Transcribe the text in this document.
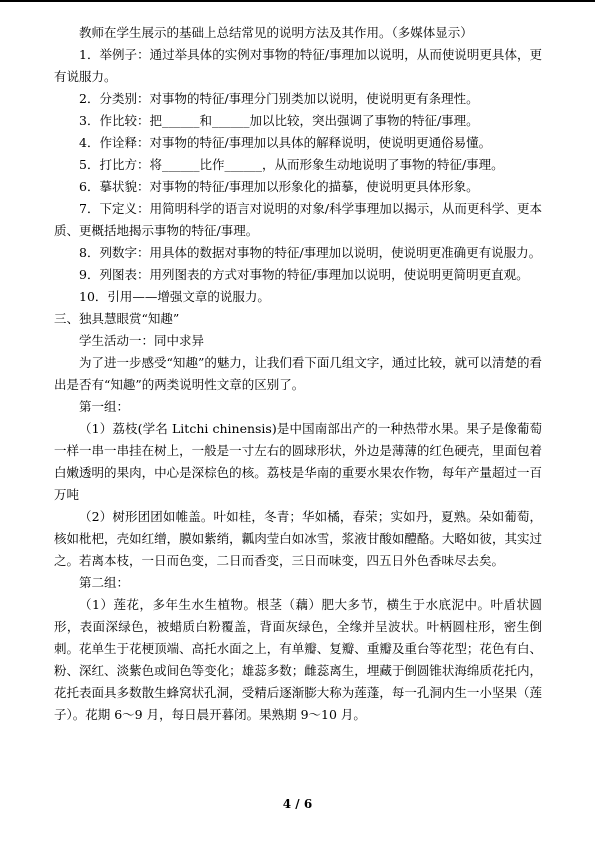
教师在学生展示的基础上总结常见的说明方法及其作用。（多媒体显示）

1．举例子：通过举具体的实例对事物的特征/事理加以说明，从而使说明更具体，更有说服力。

2．分类别：对事物的特征/事理分门别类加以说明，使说明更有条理性。

3．作比较：把______和______加以比较，突出强调了事物的特征/事理。

4．作诠释：对事物的特征/事理加以具体的解释说明，使说明更通俗易懂。

5．打比方：将______比作______，从而形象生动地说明了事物的特征/事理。

6．摹状貌：对事物的特征/事理加以形象化的描摹，使说明更具体形象。

7．下定义：用简明科学的语言对说明的对象/科学事理加以揭示，从而更科学、更本质、更概括地揭示事物的特征/事理。

8．列数字：用具体的数据对事物的特征/事理加以说明，使说明更准确更有说服力。

9．列图表：用列图表的方式对事物的特征/事理加以说明，使说明更简明更直观。

10．引用——增强文章的说服力。

三、独具慧眼赏“知趣”

学生活动一：同中求异

为了进一步感受“知趣”的魅力，让我们看下面几组文字，通过比较，就可以清楚的看出是否有“知趣”的两类说明性文章的区别了。

第一组：

（1）荔枝(学名 Litchi chinensis)是中国南部出产的一种热带水果。果子是像葡萄一样一串一串挂在树上，一般是一寸左右的圆球形状，外边是薄薄的红色硬壳，里面包着白嫩透明的果肉，中心是深棕色的核。荔枝是华南的重要水果农作物，每年产量超过一百万吨

（2）树形团团如帷盖。叶如桂，冬青；华如橘，春荣；实如丹，夏熟。朵如葡萄，核如枇杷，壳如红缯，膜如紫绡，瓤肉莹白如冰雪，浆液甘酸如醴酪。大略如彼，其实过之。若离本枝，一日而色变，二日而香变，三日而味变，四五日外色香味尽去矣。

第二组：

（1）莲花，多年生水生植物。根茎（藕）肥大多节，横生于水底泥中。叶盾状圆形，表面深绿色，被蜡质白粉覆盖，背面灰绿色，全缘并呈波状。叶柄圆柱形，密生倒刺。花单生于花梗顶端、高托水面之上，有单瓣、复瓣、重瓣及重台等花型；花色有白、粉、深红、淡紫色或间色等变化；雄蕊多数；雌蕊离生，埋藏于倒圆锥状海绵质花托内，花托表面具多数散生蜂窝状孔洞，受精后逐渐膨大称为莲蓬，每一孔洞内生一小坚果（莲子）。花期 6～9 月，每日晨开暮闭。果熟期 9～10 月。

4 / 6
